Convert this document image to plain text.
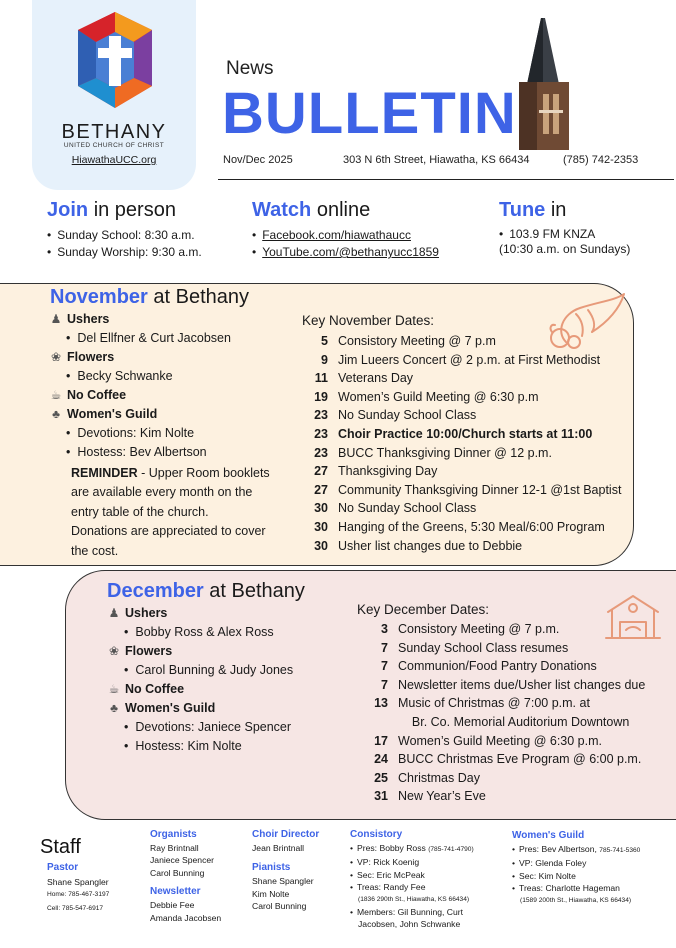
BETHANY
UNITED CHURCH OF CHRIST
HiawathaUCC.org
News
BULLETIN
Nov/Dec 2025	303 N 6th Street, Hiawatha, KS 66434	(785) 742-2353
Join in person
• Sunday School: 8:30 a.m.
• Sunday Worship: 9:30 a.m.
Watch online
• Facebook.com/hiawathaucc
• YouTube.com/@bethanyucc1859
Tune in
• 103.9 FM KNZA
(10:30 a.m. on Sundays)
November at Bethany
♟ Ushers
• Del Ellfner & Curt Jacobsen
❀ Flowers
• Becky Schwanke
☕ No Coffee
♣ Women's Guild
• Devotions: Kim Nolte
• Hostess: Bev Albertson
REMINDER - Upper Room booklets
are available every month on the
entry table of the church.
Donations are appreciated to cover
the cost.
Key November Dates:
5 Consistory Meeting @ 7 p.m
9 Jim Lueers Concert @ 2 p.m. at First Methodist
11 Veterans Day
19 Women’s Guild Meeting @ 6:30 p.m
23 No Sunday School Class
23 Choir Practice 10:00/Church starts at 11:00
23 BUCC Thanksgiving Dinner @ 12 p.m.
27 Thanksgiving Day
27 Community Thanksgiving Dinner 12-1 @1st Baptist
30 No Sunday School Class
30 Hanging of the Greens, 5:30 Meal/6:00 Program
30 Usher list changes due to Debbie
December at Bethany
♟ Ushers
• Bobby Ross & Alex Ross
❀ Flowers
• Carol Bunning & Judy Jones
☕ No Coffee
♣ Women's Guild
• Devotions: Janiece Spencer
• Hostess: Kim Nolte
Key December Dates:
3 Consistory Meeting @ 7 p.m.
7 Sunday School Class resumes
7 Communion/Food Pantry Donations
7 Newsletter items due/Usher list changes due
13 Music of Christmas @ 7:00 p.m. at
Br. Co. Memorial Auditorium Downtown
17 Women’s Guild Meeting @ 6:30 p.m.
24 BUCC Christmas Eve Program @ 6:00 p.m.
25 Christmas Day
31 New Year’s Eve
Staff
Pastor
Shane Spangler
Home: 785-467-3197
Cell: 785-547-6917
Organists
Ray Brintnall
Janiece Spencer
Carol Bunning
Newsletter
Debbie Fee
Amanda Jacobsen
Choir Director
Jean Brintnall
Pianists
Shane Spangler
Kim Nolte
Carol Bunning
Consistory
• Pres: Bobby Ross (785-741-4790)
• VP: Rick Koenig
• Sec: Eric McPeak
• Treas: Randy Fee
(1836 290th St., Hiawatha, KS 66434)
• Members: Gil Bunning, Curt
Jacobsen, John Schwanke
Women's Guild
• Pres: Bev Albertson, 785-741-5360
• VP: Glenda Foley
• Sec: Kim Nolte
• Treas: Charlotte Hageman
(1589 200th St., Hiawatha, KS 66434)
